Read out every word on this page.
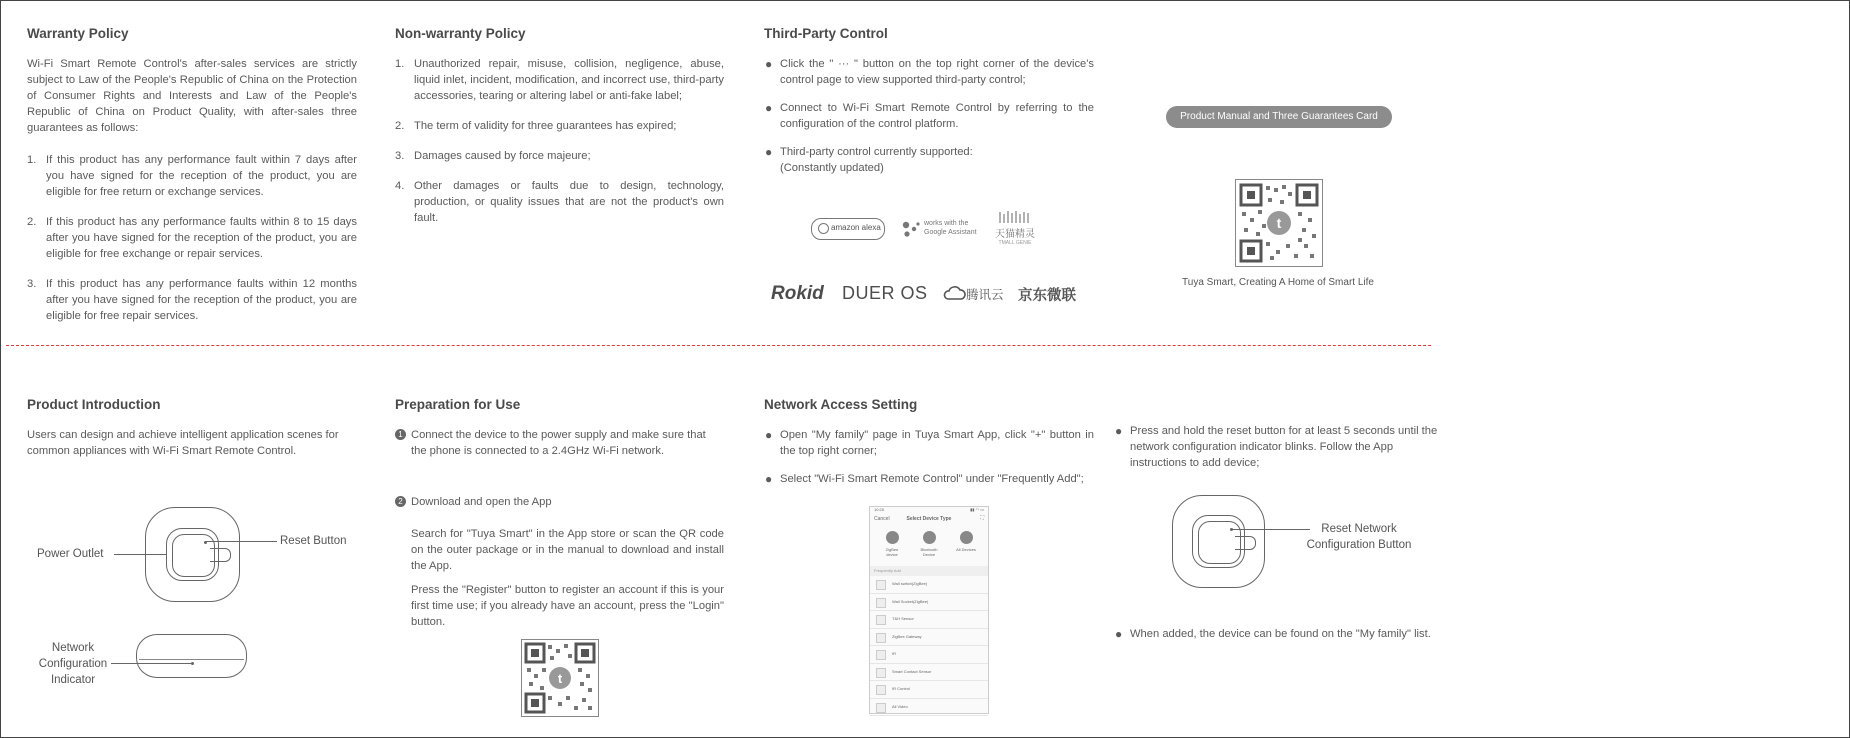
Warranty Policy

Wi-Fi Smart Remote Control's after-sales services are strictly subject to Law of the People's Republic of China on the Protection of Consumer Rights and Interests and Law of the People's Republic of China on Product Quality, with after-sales three guarantees as follows:

1. If this product has any performance fault within 7 days after you have signed for the reception of the product, you are eligible for free return or exchange services.
2. If this product has any performance faults within 8 to 15 days after you have signed for the reception of the product, you are eligible for free exchange or repair services.
3. If this product has any performance faults within 12 months after you have signed for the reception of the product, you are eligible for free repair services.
Non-warranty Policy
1. Unauthorized repair, misuse, collision, negligence, abuse, liquid inlet, incident, modification, and incorrect use, third-party accessories, tearing or altering label or anti-fake label;
2. The term of validity for three guarantees has expired;
3. Damages caused by force majeure;
4. Other damages or faults due to design, technology, production, or quality issues that are not the product's own fault.
Third-Party Control
● Click the " ··· " button on the top right corner of the device's control page to view supported third-party control;
● Connect to Wi-Fi Smart Remote Control by referring to the configuration of the control platform.
● Third-party control currently supported:
(Constantly updated)
amazon alexa	works with the
Google Assistant 天猫精灵
TMALL GENIE
Rokid DUER OS	腾讯云 京东微联
Product Manual and Three Guarantees Card
t
Tuya Smart, Creating A Home of Smart Life
Product Introduction

Users can design and achieve intelligent application scenes for common appliances with Wi-Fi Smart Remote Control.

Power Outlet
Reset Button
Network
Configuration
Indicator
Preparation for Use
1 Connect the device to the power supply and make sure that the phone is connected to a 2.4GHz Wi-Fi network.

2 Download and open the App

Search for "Tuya Smart" in the App store or scan the QR code on the outer package or in the manual to download and install the App.

Press the "Register" button to register an account if this is your first time use; if you already have an account, press the "Login" button.

t
Network Access Setting
● Open "My family" page in Tuya Smart App, click "+" button in the top right corner;
● Select "Wi-Fi Smart Remote Control" under "Frequently Add";
10:25	▮▮ ◠ ▭
Cancel	Select Device Type	⛶
ZigBee device
Bluetooth Device
All Devices
Frequently Add
Wall switch(ZigBee)
Wall Socket(ZigBee)
T&H Sensor
ZigBee Gateway
IR
Smart Contact Sensor
IR Control
All Video
● Press and hold the reset button for at least 5 seconds until the network configuration indicator blinks. Follow the App instructions to add device;
Reset Network
Configuration Button
● When added, the device can be found on the "My family" list.
